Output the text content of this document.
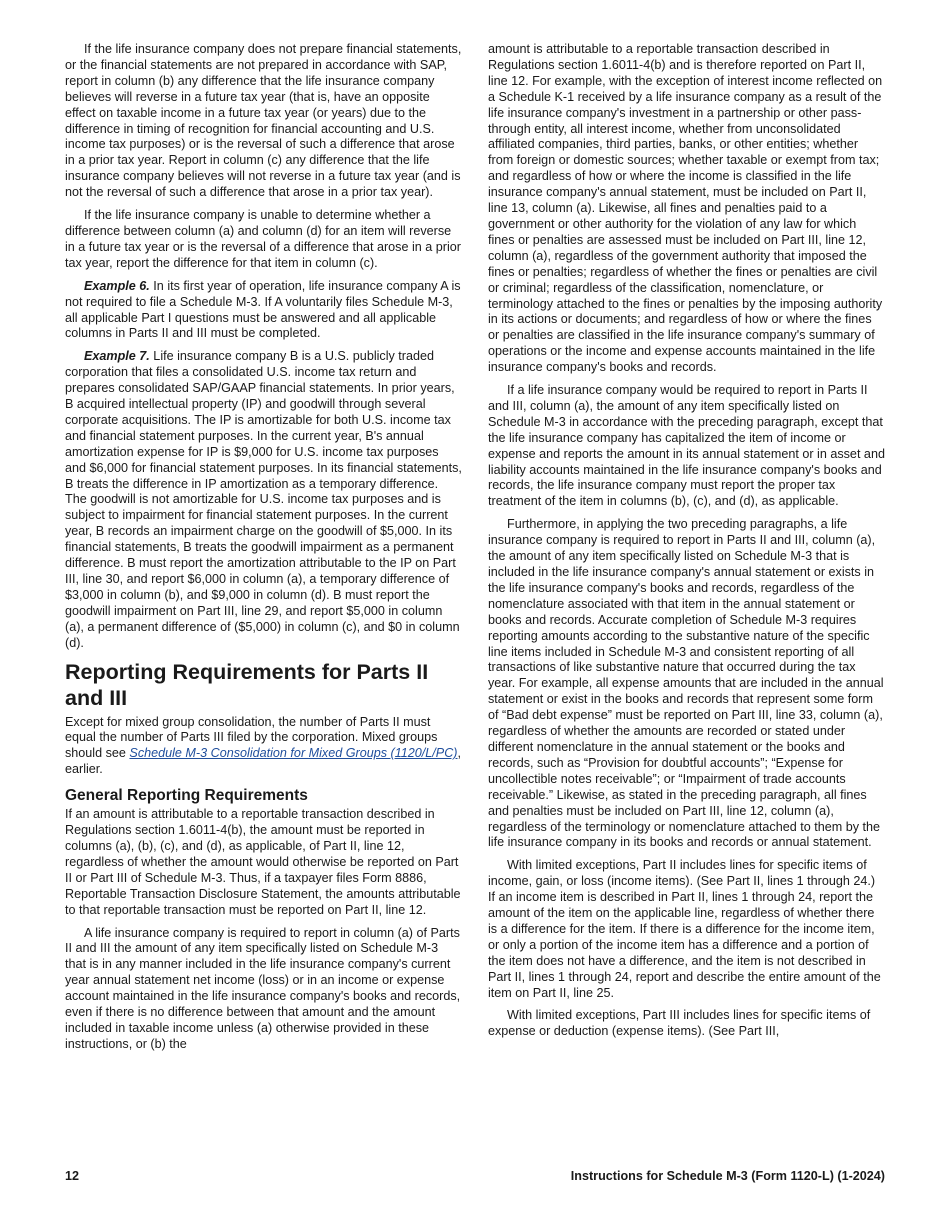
If the life insurance company does not prepare financial statements, or the financial statements are not prepared in accordance with SAP, report in column (b) any difference that the life insurance company believes will reverse in a future tax year (that is, have an opposite effect on taxable income in a future tax year (or years) due to the difference in timing of recognition for financial accounting and U.S. income tax purposes) or is the reversal of such a difference that arose in a prior tax year. Report in column (c) any difference that the life insurance company believes will not reverse in a future tax year (and is not the reversal of such a difference that arose in a prior tax year).

If the life insurance company is unable to determine whether a difference between column (a) and column (d) for an item will reverse in a future tax year or is the reversal of a difference that arose in a prior tax year, report the difference for that item in column (c).

Example 6. In its first year of operation, life insurance company A is not required to file a Schedule M-3. If A voluntarily files Schedule M-3, all applicable Part I questions must be answered and all applicable columns in Parts II and III must be completed.

Example 7. Life insurance company B is a U.S. publicly traded corporation that files a consolidated U.S. income tax return and prepares consolidated SAP/GAAP financial statements. In prior years, B acquired intellectual property (IP) and goodwill through several corporate acquisitions. The IP is amortizable for both U.S. income tax and financial statement purposes. In the current year, B's annual amortization expense for IP is $9,000 for U.S. income tax purposes and $6,000 for financial statement purposes. In its financial statements, B treats the difference in IP amortization as a temporary difference. The goodwill is not amortizable for U.S. income tax purposes and is subject to impairment for financial statement purposes. In the current year, B records an impairment charge on the goodwill of $5,000. In its financial statements, B treats the goodwill impairment as a permanent difference. B must report the amortization attributable to the IP on Part III, line 30, and report $6,000 in column (a), a temporary difference of $3,000 in column (b), and $9,000 in column (d). B must report the goodwill impairment on Part III, line 29, and report $5,000 in column (a), a permanent difference of ($5,000) in column (c), and $0 in column (d).

Reporting Requirements for Parts II and III

Except for mixed group consolidation, the number of Parts II must equal the number of Parts III filed by the corporation. Mixed groups should see Schedule M-3 Consolidation for Mixed Groups (1120/L/PC), earlier.

General Reporting Requirements

If an amount is attributable to a reportable transaction described in Regulations section 1.6011-4(b), the amount must be reported in columns (a), (b), (c), and (d), as applicable, of Part II, line 12, regardless of whether the amount would otherwise be reported on Part II or Part III of Schedule M-3. Thus, if a taxpayer files Form 8886, Reportable Transaction Disclosure Statement, the amounts attributable to that reportable transaction must be reported on Part II, line 12.

A life insurance company is required to report in column (a) of Parts II and III the amount of any item specifically listed on Schedule M-3 that is in any manner included in the life insurance company's current year annual statement net income (loss) or in an income or expense account maintained in the life insurance company's books and records, even if there is no difference between that amount and the amount included in taxable income unless (a) otherwise provided in these instructions, or (b) the

amount is attributable to a reportable transaction described in Regulations section 1.6011-4(b) and is therefore reported on Part II, line 12. For example, with the exception of interest income reflected on a Schedule K-1 received by a life insurance company as a result of the life insurance company's investment in a partnership or other pass-through entity, all interest income, whether from unconsolidated affiliated companies, third parties, banks, or other entities; whether from foreign or domestic sources; whether taxable or exempt from tax; and regardless of how or where the income is classified in the life insurance company's annual statement, must be included on Part II, line 13, column (a). Likewise, all fines and penalties paid to a government or other authority for the violation of any law for which fines or penalties are assessed must be included on Part III, line 12, column (a), regardless of the government authority that imposed the fines or penalties; regardless of whether the fines or penalties are civil or criminal; regardless of the classification, nomenclature, or terminology attached to the fines or penalties by the imposing authority in its actions or documents; and regardless of how or where the fines or penalties are classified in the life insurance company's summary of operations or the income and expense accounts maintained in the life insurance company's books and records.

If a life insurance company would be required to report in Parts II and III, column (a), the amount of any item specifically listed on Schedule M-3 in accordance with the preceding paragraph, except that the life insurance company has capitalized the item of income or expense and reports the amount in its annual statement or in asset and liability accounts maintained in the life insurance company's books and records, the life insurance company must report the proper tax treatment of the item in columns (b), (c), and (d), as applicable.

Furthermore, in applying the two preceding paragraphs, a life insurance company is required to report in Parts II and III, column (a), the amount of any item specifically listed on Schedule M-3 that is included in the life insurance company's annual statement or exists in the life insurance company's books and records, regardless of the nomenclature associated with that item in the annual statement or books and records. Accurate completion of Schedule M-3 requires reporting amounts according to the substantive nature of the specific line items included in Schedule M-3 and consistent reporting of all transactions of like substantive nature that occurred during the tax year. For example, all expense amounts that are included in the annual statement or exist in the books and records that represent some form of “Bad debt expense” must be reported on Part III, line 33, column (a), regardless of whether the amounts are recorded or stated under different nomenclature in the annual statement or the books and records, such as “Provision for doubtful accounts”; “Expense for uncollectible notes receivable”; or “Impairment of trade accounts receivable.” Likewise, as stated in the preceding paragraph, all fines and penalties must be included on Part III, line 12, column (a), regardless of the terminology or nomenclature attached to them by the life insurance company in its books and records or annual statement.

With limited exceptions, Part II includes lines for specific items of income, gain, or loss (income items). (See Part II, lines 1 through 24.) If an income item is described in Part II, lines 1 through 24, report the amount of the item on the applicable line, regardless of whether there is a difference for the item. If there is a difference for the income item, or only a portion of the income item has a difference and a portion of the item does not have a difference, and the item is not described in Part II, lines 1 through 24, report and describe the entire amount of the item on Part II, line 25.

With limited exceptions, Part III includes lines for specific items of expense or deduction (expense items). (See Part III,

12	Instructions for Schedule M-3 (Form 1120-L) (1-2024)
